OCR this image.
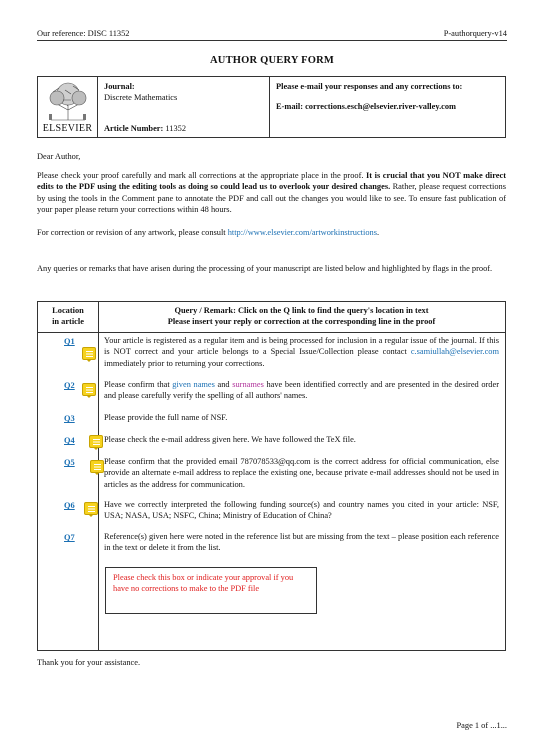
Our reference: DISC 11352	P-authorquery-v14
AUTHOR QUERY FORM
ELSEVIER
Journal:
Discrete Mathematics
Article Number: 11352
Please e-mail your responses and any corrections to:
E-mail: corrections.esch@elsevier.river-valley.com
Dear Author,
Please check your proof carefully and mark all corrections at the appropriate place in the proof. It is crucial that you NOT make direct edits to the PDF using the editing tools as doing so could lead us to overlook your desired changes. Rather, please request corrections by using the tools in the Comment pane to annotate the PDF and call out the changes you would like to see. To ensure fast publication of your paper please return your corrections within 48 hours.
For correction or revision of any artwork, please consult http://www.elsevier.com/artworkinstructions.
Any queries or remarks that have arisen during the processing of your manuscript are listed below and highlighted by flags in the proof.
Location
in article
Query / Remark: Click on the Q link to find the query's location in text
Please insert your reply or correction at the corresponding line in the proof
Q1	Your article is registered as a regular item and is being processed for inclusion in a regular issue of the journal. If this is NOT correct and your article belongs to a Special Issue/Collection please contact c.samiullah@elsevier.com immediately prior to returning your corrections.
Q2	Please confirm that given names and surnames have been identified correctly and are presented in the desired order and please carefully verify the spelling of all authors' names.
Q3	Please provide the full name of NSF.
Q4	Please check the e-mail address given here. We have followed the TeX file.
Q5	Please confirm that the provided email 787078533@qq.com is the correct address for official communication, else provide an alternate e-mail address to replace the existing one, because private e-mail addresses should not be used in articles as the address for communication.
Q6	Have we correctly interpreted the following funding source(s) and country names you cited in your article: NSF, USA; NASA, USA; NSFC, China; Ministry of Education of China?
Q7	Reference(s) given here were noted in the reference list but are missing from the text – please position each reference in the text or delete it from the list.
Please check this box or indicate your approval if you have no corrections to make to the PDF file
Thank you for your assistance.
Page 1 of ...1...
